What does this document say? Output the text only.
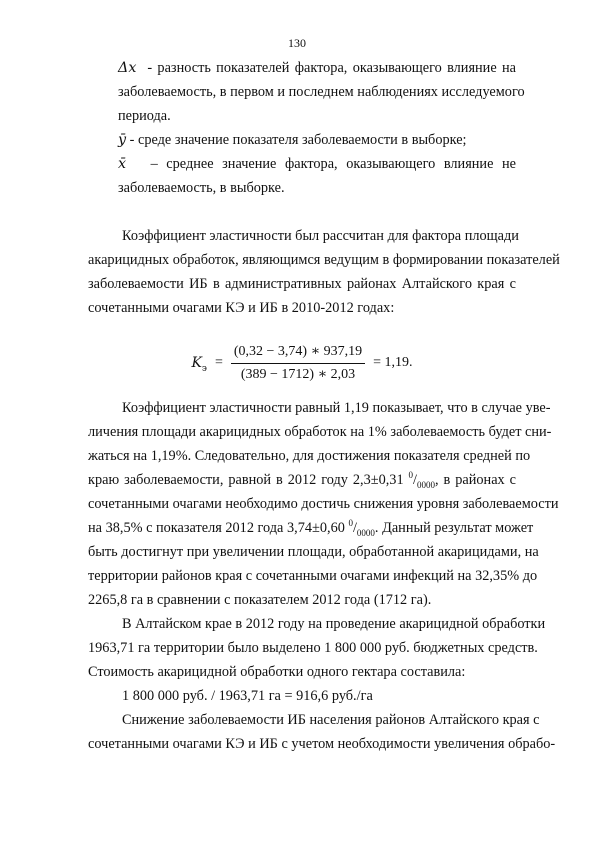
130
Δx - разность показателей фактора, оказывающего влияние на
заболеваемость, в первом и последнем наблюдениях исследуемого
периода.
ȳ - среде значение показателя заболеваемости в выборке;
x̄ – среднее значение фактора, оказывающего влияние не
заболеваемость, в выборке.
Коэффициент эластичности был рассчитан для фактора площади
акарицидных обработок, являющимся ведущим в формировании показателей
заболеваемости ИБ в административных районах Алтайского края с
сочетанными очагами КЭ и ИБ в 2010-2012 годах:
$K_э = \frac{(0,32 - 3,74) ∗ 937,19}{(389 - 1712) ∗ 2,03} = 1,19$.
Коэффициент эластичности равный 1,19 показывает, что в случае уве-
личения площади акарицидных обработок на 1% заболеваемость будет сни-
жаться на 1,19%. Следовательно, для достижения показателя средней по
краю заболеваемости, равной в 2012 году 2,3±0,31 $^0/_{0000}$, в районах с
сочетанными очагами необходимо достичь снижения уровня заболеваемости
на 38,5% с показателя 2012 года 3,74±0,60 $^0/_{0000}$. Данный результат может
быть достигнут при увеличении площади, обработанной акарицидами, на
территории районов края с сочетанными очагами инфекций на 32,35% до
2265,8 га в сравнении с показателем 2012 года (1712 га).
В Алтайском крае в 2012 году на проведение акарицидной обработки
1963,71 га территории было выделено 1 800 000 руб. бюджетных средств.
Стоимость акарицидной обработки одного гектара составила:
1 800 000 руб. / 1963,71 га = 916,6 руб./га
Снижение заболеваемости ИБ населения районов Алтайского края с
сочетанными очагами КЭ и ИБ с учетом необходимости увеличения обрабо-
